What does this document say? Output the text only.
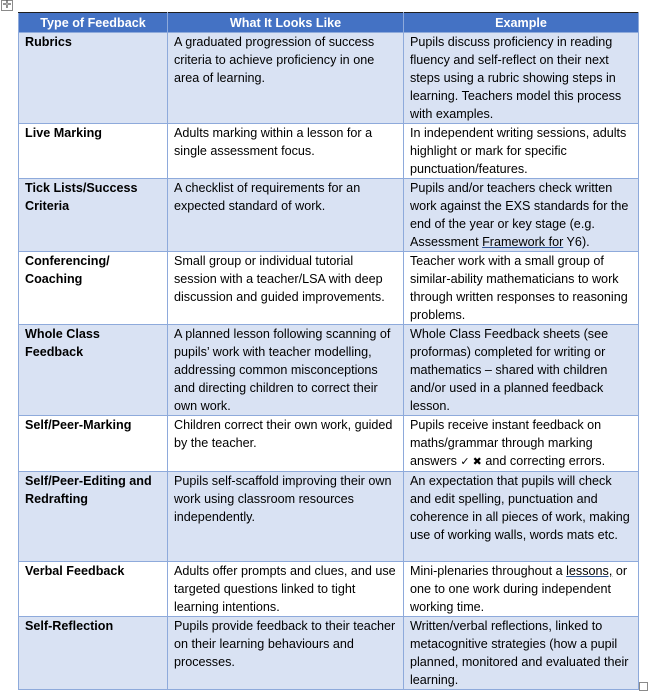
✛
Type of Feedback	What It Looks Like	Example
Rubrics	A graduated progression of success criteria to achieve proficiency in one area of learning.	Pupils discuss proficiency in reading fluency and self-reflect on their next steps using a rubric showing steps in learning. Teachers model this process with examples.
Live Marking	Adults marking within a lesson for a single assessment focus.	In independent writing sessions, adults highlight or mark for specific punctuation/features.
Tick Lists/Success Criteria	A checklist of requirements for an expected standard of work.	Pupils and/or teachers check written work against the EXS standards for the end of the year or key stage (e.g. Assessment Framework for Y6).
Conferencing/ Coaching	Small group or individual tutorial session with a teacher/LSA with deep discussion and guided improvements.	Teacher work with a small group of similar-ability mathematicians to work through written responses to reasoning problems.
Whole Class Feedback	A planned lesson following scanning of pupils’ work with teacher modelling, addressing common misconceptions and directing children to correct their own work.	Whole Class Feedback sheets (see proformas) completed for writing or mathematics – shared with children and/or used in a planned feedback lesson.
Self/Peer-Marking	Children correct their own work, guided by the teacher.	Pupils receive instant feedback on maths/grammar through marking answers ✓ ✖ and correcting errors.
Self/Peer-Editing and Redrafting	Pupils self-scaffold improving their own work using classroom resources independently.	An expectation that pupils will check and edit spelling, punctuation and coherence in all pieces of work, making use of working walls, words mats etc.
Verbal Feedback	Adults offer prompts and clues, and use targeted questions linked to tight learning intentions.	Mini-plenaries throughout a lessons, or one to one work during independent working time.
Self-Reflection	Pupils provide feedback to their teacher on their learning behaviours and processes.	Written/verbal reflections, linked to metacognitive strategies (how a pupil planned, monitored and evaluated their learning.
